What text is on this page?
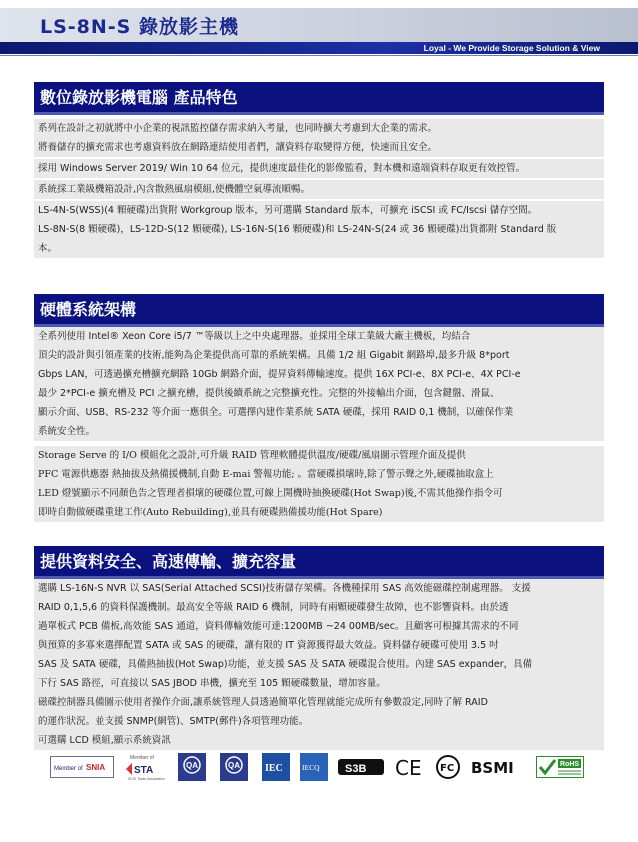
LS-8N-S 錄放影主機
Loyal - We Provide Storage Solution & View
數位錄放影機電腦 產品特色
系列在設計之初就將中小企業的視訊監控儲存需求納入考量，也同時擴大考慮到大企業的需求。
將養儲存的擴充需求也考慮資料放在網路連結使用者們，讓資料存取變得方便，快速而且安全。
採用 Windows Server 2019/ Win 10 64 位元，提供速度最佳化的影像監看，對本機和遠端資料存取更有效控管。
系統採工業級機箱設計,內含散熱風扇模組,使機體空氣導流順暢。
LS-4N-S(WSS)(4 顆硬碟)出貨附 Workgroup 版本，另可選購 Standard 版本，可擴充 iSCSI 或 FC/Iscsi 儲存空間。
LS-8N-S(8 顆硬碟)，LS-12D-S(12 顆硬碟), LS-16N-S(16 顆硬碟)和 LS-24N-S(24 或 36 顆硬碟)出貨都附 Standard 版
本。
硬體系統架構
全系列使用 Intel® Xeon Core i5/7 ™等級以上之中央處理器。並採用全球工業級大廠主機板，均結合
頂尖的設計與引領產業的技術,能夠為企業提供高可靠的系統架構。具備 1/2 組 Gigabit 網路埠,最多升級 8*port
Gbps LAN，可透過擴充槽擴充網路 10Gb 網路介面，提昇資料傳輸速度。提供 16X PCI-e、8X PCI-e、4X PCI-e
最少 2*PCI-e 擴充槽及 PCI 之擴充槽，提供後續系統之完整擴充性。完整的外接輸出介面，包含鍵盤、滑鼠、
顯示介面、USB、RS-232 等介面一應俱全。可選擇內建作業系統 SATA 硬碟，採用 RAID 0,1 機制，以確保作業
系統安全性。
Storage Serve 的 I/O 模組化之設計,可升級 RAID 管理軟體提供溫度/硬碟/風扇圖示管理介面及提供
PFC 電源供應器 熱抽拔及熱備援機制,自動 E-mai 警報功能; 。當硬碟損壞時,除了警示聲之外,硬碟抽取盒上
LED 燈號顯示不同顏色告之管理者損壞的硬碟位置,可線上開機時抽換硬碟(Hot Swap)後,不需其他操作指令可
即時自動做硬碟重建工作(Auto Rebuilding),並具有硬碟熱備援功能(Hot Spare)
提供資料安全、高速傳輸、擴充容量
選購 LS-16N-S NVR 以 SAS(Serial Attached SCSI)技術儲存架構。各機種採用 SAS 高效能磁碟控制處理器。 支援
RAID 0,1,5,6 的資料保護機制。最高安全等級 RAID 6 機制，同時有兩顆硬碟發生故障，也不影響資料。由於透
過單板式 PCB 備板,高效能 SAS 通道，資料傳輸效能可達:1200MB ~24 00MB/sec。且顧客可根據其需求的不同
與預算的多寡來選擇配置 SATA 或 SAS 的硬碟，讓有限的 IT 資源獲得最大效益。資料儲存硬碟可使用 3.5 吋
SAS 及 SATA 硬碟，具備熱抽拔(Hot Swap)功能，並支援 SAS 及 SATA 硬碟混合使用。內建 SAS expander，具備
下行 SAS 路徑，可直接以 SAS JBOD 串機，擴充至 105 顆硬碟數量，增加容量。
磁碟控制器具備圖示使用者操作介面,讓系統管理人員透過簡單化管理就能完成所有參數設定,同時了解 RAID
的運作狀況。並支援 SNMP(網管)、SMTP(郵件)各項管理功能。
可選購 LCD 模組,顯示系統資訊
Member of SNIA
Member of
STA
SCSI Trade Association
QA	QA	IEC	IECQ S3B CE FC BSMI	RoHS
